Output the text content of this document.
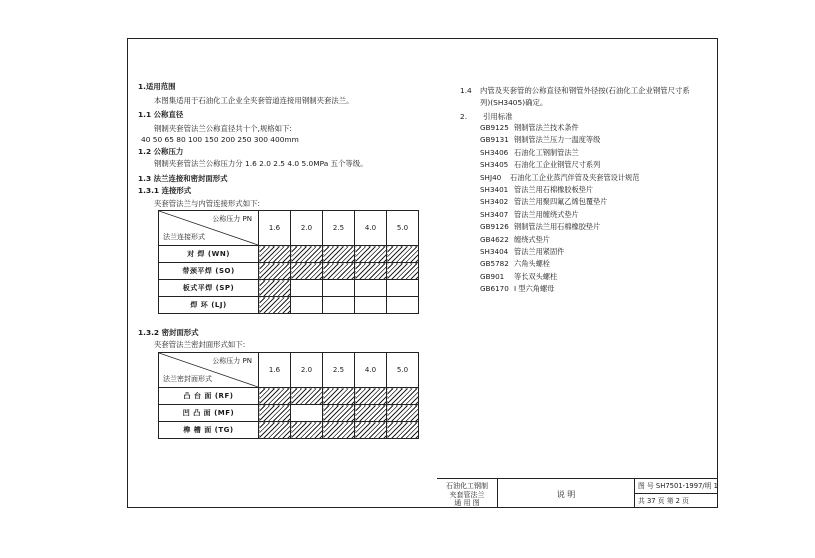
1.适用范围
本图集适用于石油化工企业全夹套管道连接用钢制夹套法兰。
1.1 公称直径
钢制夹套管法兰公称直径共十个,规格如下:
40 50 65 80 100 150 200 250 300 400mm
1.2 公称压力
钢制夹套管法兰公称压力分 1.6 2.0 2.5 4.0 5.0MPa 五个等级。
1.3 法兰连接和密封面形式
1.3.1 连接形式
夹套管法兰与内管连接形式如下:
公称压力 PN
法兰连接形式	1.6	2.0	2.5	4.0	5.0
对 焊 (WN)					
带颈平焊 (SO)					
板式平焊 (SP)					
焊 环 (LJ)					
1.3.2 密封面形式
夹套管法兰密封面形式如下:
公称压力 PN
法兰密封面形式	1.6	2.0	2.5	4.0	5.0
凸 台 面 (RF)					
凹 凸 面 (MF)					
榫 槽 面 (TG)					
1.4 内管及夹套管的公称直径和钢管外径按(石油化工企业钢管尺寸系
列)(SH3405)确定。
2. 引用标准
GB9125 钢制管法兰技术条件
GB9131 钢制管法兰压力一温度等级
SH3406 石油化工钢制管法兰
SH3405 石油化工企业钢管尺寸系列
SHJ40 石油化工企业蒸汽伴管及夹套管设计规范
SH3401 管法兰用石棉橡胶板垫片
SH3402 管法兰用聚四氟乙烯包覆垫片
SH3407 管法兰用缠绕式垫片
GB9126 钢制管法兰用石棉橡胶垫片
GB4622 缠绕式垫片
SH3404 管法兰用紧固件
GB5782 六角头螺栓
GB901 等长双头螺柱
GB6170 I 型六角螺母
石油化工钢制
夹套管法兰
通 用 图
说 明
图 号 SH7501-1997/明 1
共 37 页 第 2 页
